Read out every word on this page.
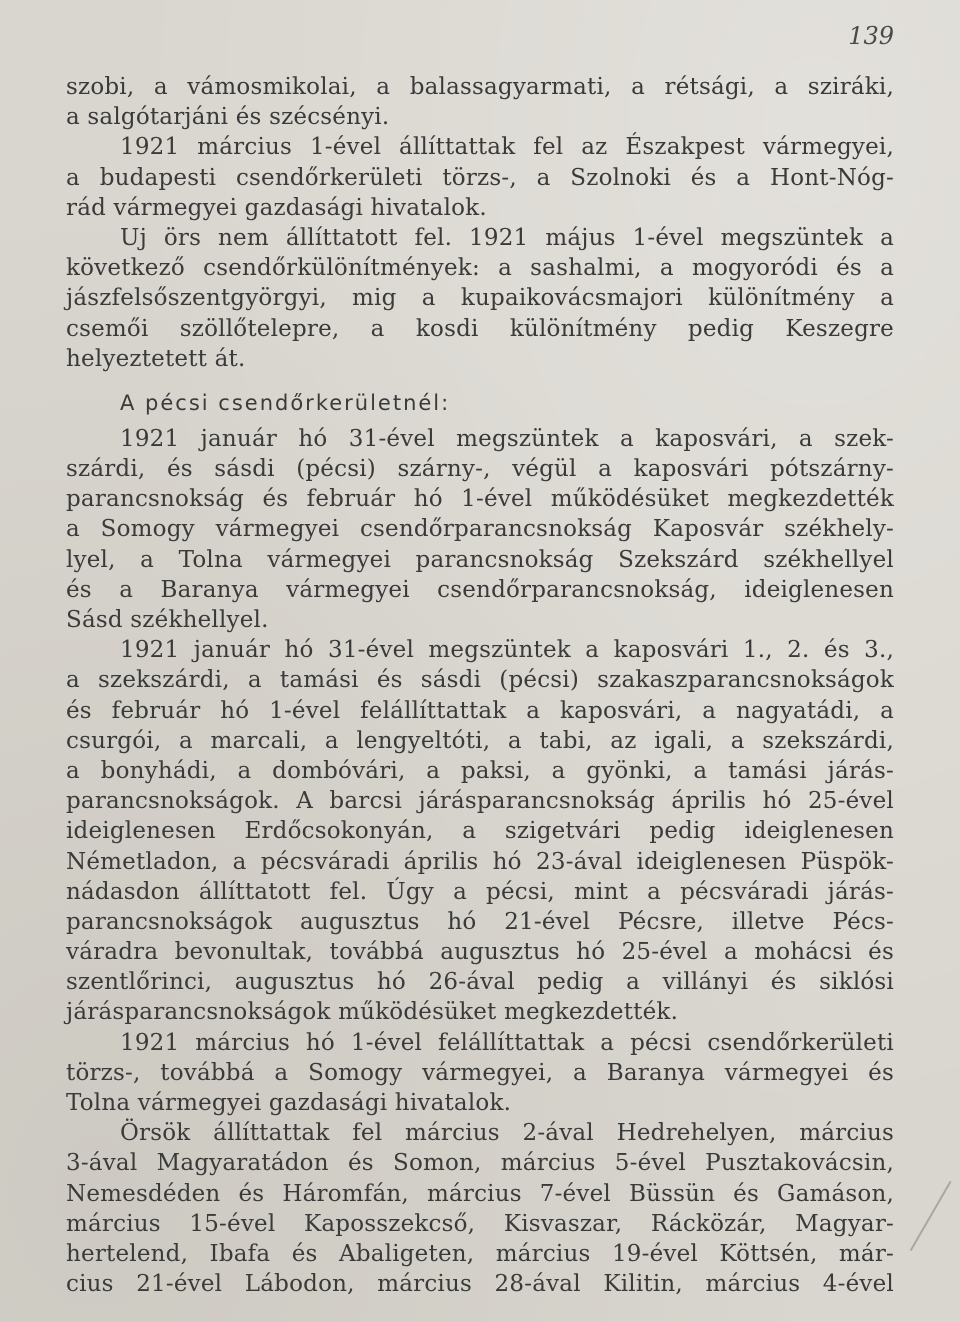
139
szobi, a vámosmikolai, a balassagyarmati, a rétsági, a sziráki,
a salgótarjáni és szécsényi.
1921 március 1-ével állíttattak fel az Északpest vármegyei,
a budapesti csendőrkerületi törzs-, a Szolnoki és a Hont-Nóg-
rád vármegyei gazdasági hivatalok.
Uj örs nem állíttatott fel. 1921 május 1-ével megszüntek a
következő csendőrkülönítmények: a sashalmi, a mogyoródi és a
jászfelsőszentgyörgyi, mig a kupaikovácsmajori különítmény a
csemői szöllőtelepre, a kosdi különítmény pedig Keszegre
helyeztetett át.
A pécsi csendőrkerületnél:
1921 január hó 31-ével megszüntek a kaposvári, a szek-
szárdi, és sásdi (pécsi) szárny-, végül a kaposvári pótszárny-
parancsnokság és február hó 1-ével működésüket megkezdették
a Somogy vármegyei csendőrparancsnokság Kaposvár székhely-
lyel, a Tolna vármegyei parancsnokság Szekszárd székhellyel
és a Baranya vármegyei csendőrparancsnokság, ideiglenesen
Sásd székhellyel.
1921 január hó 31-ével megszüntek a kaposvári 1., 2. és 3.,
a szekszárdi, a tamási és sásdi (pécsi) szakaszparancsnokságok
és február hó 1-ével felállíttattak a kaposvári, a nagyatádi, a
csurgói, a marcali, a lengyeltóti, a tabi, az igali, a szekszárdi,
a bonyhádi, a dombóvári, a paksi, a gyönki, a tamási járás-
parancsnokságok. A barcsi járásparancsnokság április hó 25-ével
ideiglenesen Erdőcsokonyán, a szigetvári pedig ideiglenesen
Németladon, a pécsváradi április hó 23-ával ideiglenesen Püspök-
nádasdon állíttatott fel. Úgy a pécsi, mint a pécsváradi járás-
parancsnokságok augusztus hó 21-ével Pécsre, illetve Pécs-
váradra bevonultak, továbbá augusztus hó 25-ével a mohácsi és
szentlőrinci, augusztus hó 26-ával pedig a villányi és siklósi
járásparancsnokságok működésüket megkezdették.
1921 március hó 1-ével felállíttattak a pécsi csendőrkerületi
törzs-, továbbá a Somogy vármegyei, a Baranya vármegyei és
Tolna vármegyei gazdasági hivatalok.
Örsök állíttattak fel március 2-ával Hedrehelyen, március
3-ával Magyaratádon és Somon, március 5-ével Pusztakovácsin,
Nemesdéden és Háromfán, március 7-ével Büssün és Gamáson,
március 15-ével Kaposszekcső, Kisvaszar, Rácközár, Magyar-
hertelend, Ibafa és Abaligeten, március 19-ével Köttsén, már-
cius 21-ével Lábodon, március 28-ával Kilitin, március 4-ével
